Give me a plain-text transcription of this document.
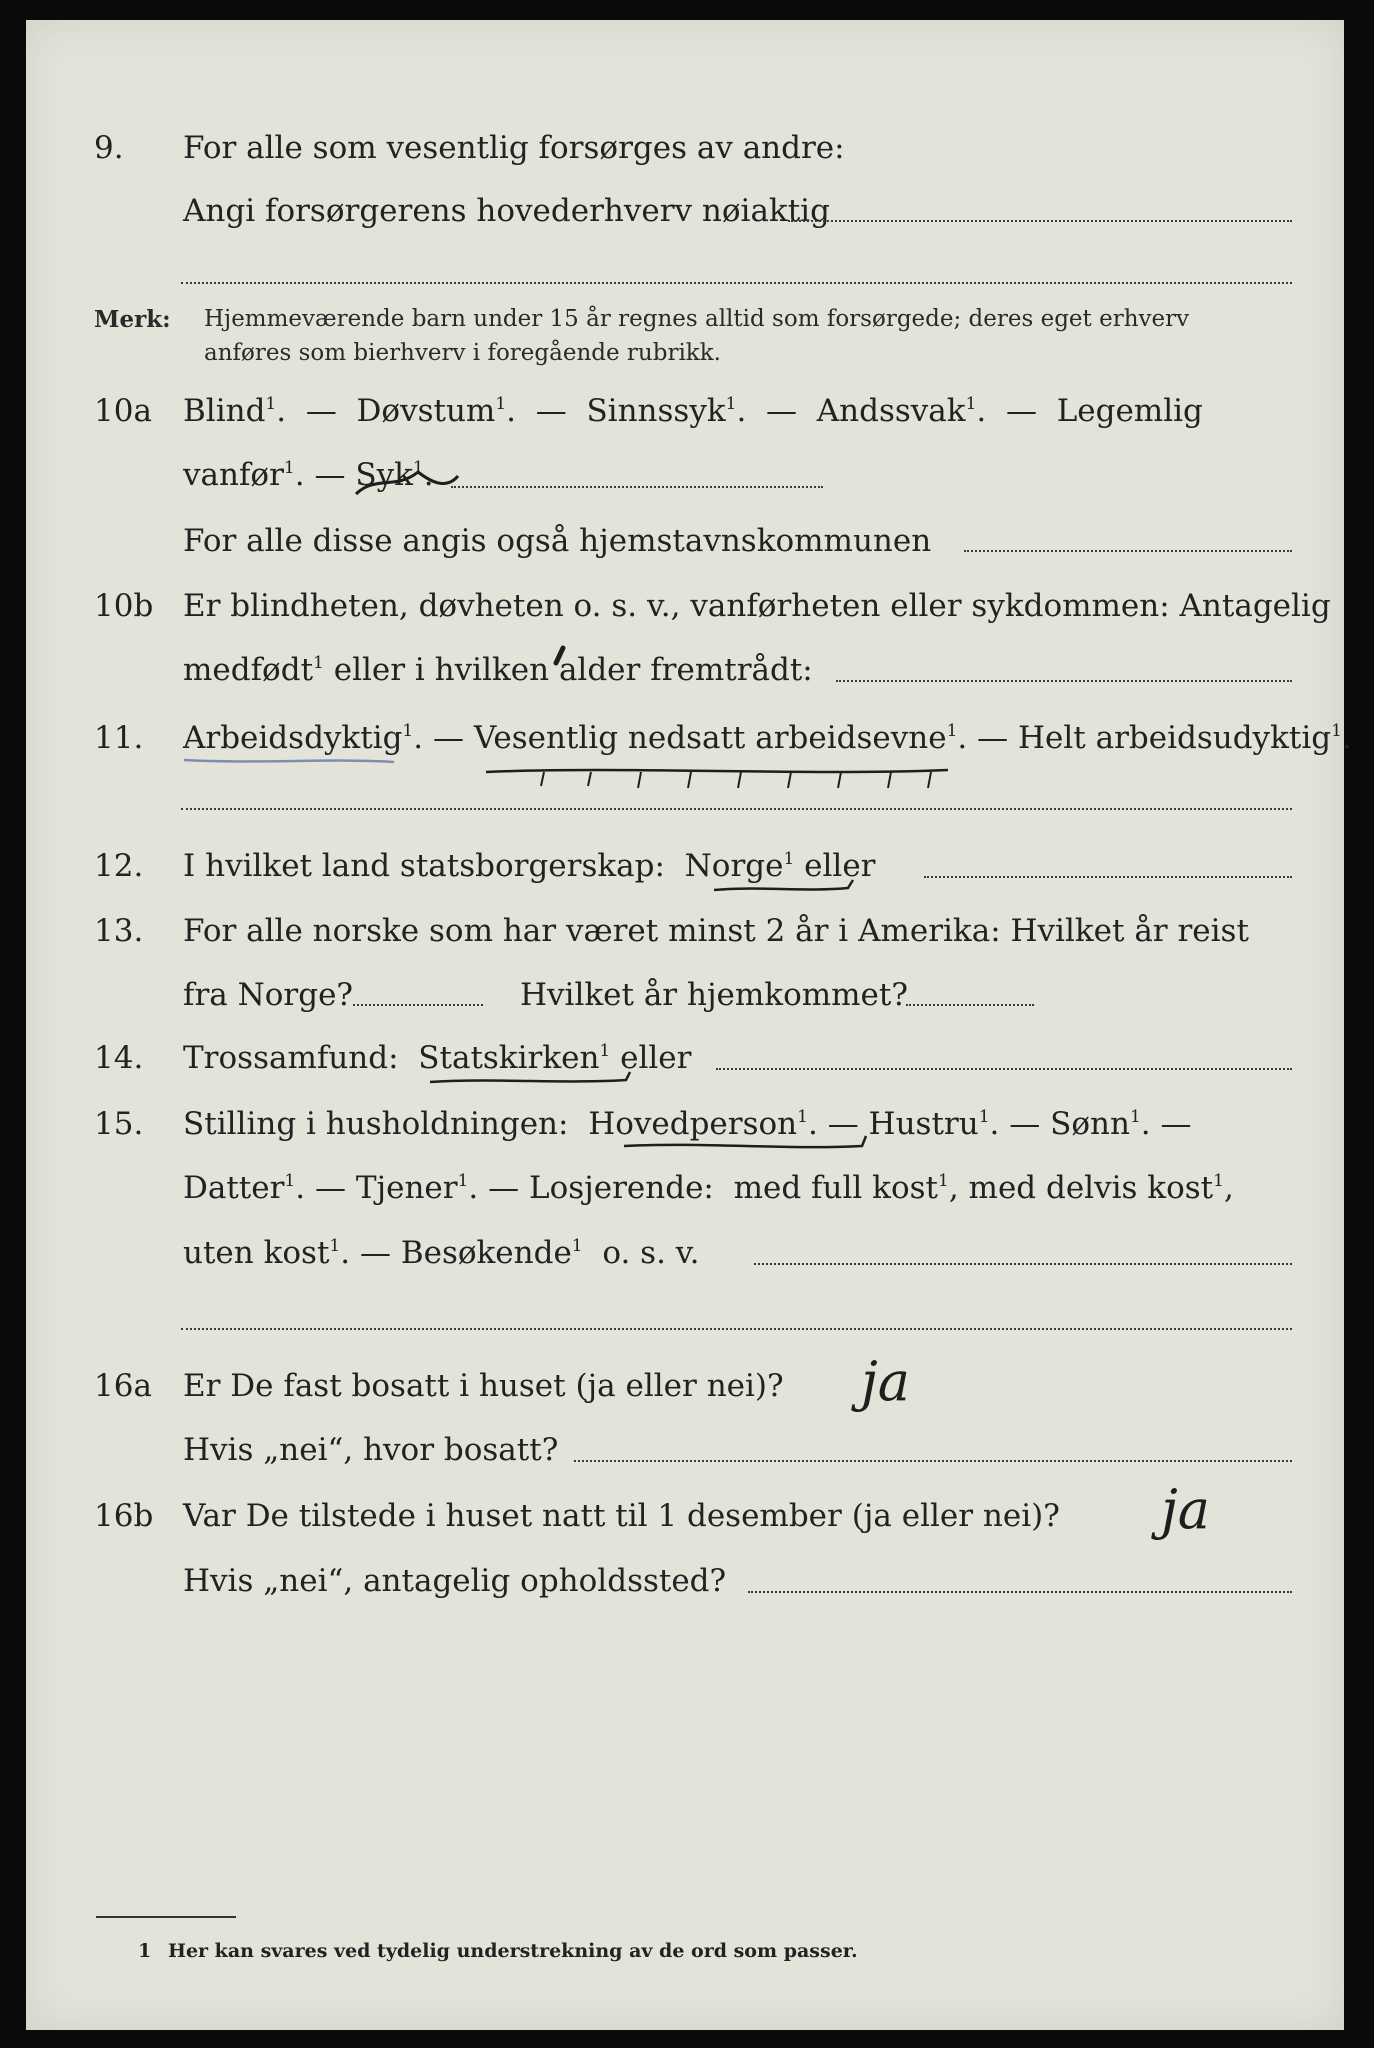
9. For alle som vesentlig forsørges av andre:
Angi forsørgerens hovederhverv nøiaktig
Merk: Hjemmeværende barn under 15 år regnes alltid som forsørgede; deres eget erhverv
anføres som bierhverv i foregående rubrikk.
10a Blind$^1$. — Døvstum$^1$. — Sinnssyk$^1$. — Andssvak$^1$. — Legemlig
vanfør$^1$. — Syk$^1$.
For alle disse angis også hjemstavnskommunen
10b Er blindheten, døvheten o. s. v., vanførheten eller sykdommen: Antagelig
medfødt$^1$ eller i hvilken alder fremtrådt:
11. Arbeidsdyktig$^1$. — Vesentlig nedsatt arbeidsevne$^1$. — Helt arbeidsudyktig$^1$.
12. I hvilket land statsborgerskap: Norge$^1$ eller
13. For alle norske som har været minst 2 år i Amerika: Hvilket år reist
fra Norge?	Hvilket år hjemkommet?
14. Trossamfund: Statskirken$^1$ eller
15. Stilling i husholdningen: Hovedperson$^1$. — Hustru$^1$. — Sønn$^1$. —
Datter$^1$. — Tjener$^1$. — Losjerende: med full kost$^1$, med delvis kost$^1$,
uten kost$^1$. — Besøkende$^1$ o. s. v.
16a Er De fast bosatt i huset (ja eller nei)? ja
Hvis „nei“, hvor bosatt?
16b Var De tilstede i huset natt til 1 desember (ja eller nei)? ja
Hvis „nei“, antagelig opholdssted?
1 Her kan svares ved tydelig understrekning av de ord som passer.
